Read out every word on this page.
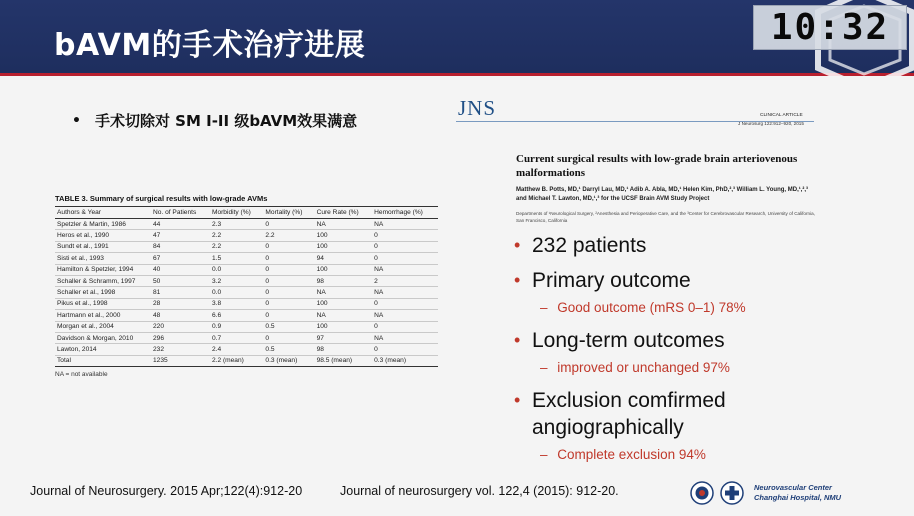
bAVM的手术治疗进展	10:32
• 手术切除对 SM I-II 级bAVM效果满意
TABLE 3. Summary of surgical results with low-grade AVMs
Authors & Year	No. of Patients	Morbidity (%)	Mortality (%)	Cure Rate (%)	Hemorrhage (%)
Spetzler & Martin, 1986	44	2.3	0	NA	NA
Heros et al., 1990	47	2.2	2.2	100	0
Sundt et al., 1991	84	2.2	0	100	0
Sisti et al., 1993	67	1.5	0	94	0
Hamilton & Spetzler, 1994	40	0.0	0	100	NA
Schaller & Schramm, 1997	50	3.2	0	98	2
Schaller et al., 1998	81	0.0	0	NA	NA
Pikus et al., 1998	28	3.8	0	100	0
Hartmann et al., 2000	48	6.6	0	NA	NA
Morgan et al., 2004	220	0.9	0.5	100	0
Davidson & Morgan, 2010	296	0.7	0	97	NA
Lawton, 2014	232	2.4	0.5	98	0
Total	1235	2.2 (mean)	0.3 (mean)	98.5 (mean)	0.3 (mean)
NA = not available
Journal of Neurosurgery. 2015 Apr;122(4):912-20	Journal of neurosurgery vol. 122,4 (2015): 912-20.
JNS	CLINICAL ARTICLE
J Neurosurg 122:912–920, 2015
Current surgical results with low-grade brain arteriovenous malformations
Matthew B. Potts, MD,¹ Darryl Lau, MD,¹ Adib A. Abla, MD,¹ Helen Kim, PhD,²,³ William L. Young, MD,¹,²,³ and Michael T. Lawton, MD,¹,³ for the UCSF Brain AVM Study Project
Departments of ¹Neurological Surgery, ²Anesthesia and Perioperative Care, and the ³Center for Cerebrovascular Research, University of California, San Francisco, California
• 232 patients
• Primary outcome
– Good outcome (mRS 0–1) 78%
• Long-term outcomes
– improved or unchanged 97%
• Exclusion comfirmed angiographically
– Complete exclusion 94%
Neurovascular Center
Changhai Hospital, NMU
